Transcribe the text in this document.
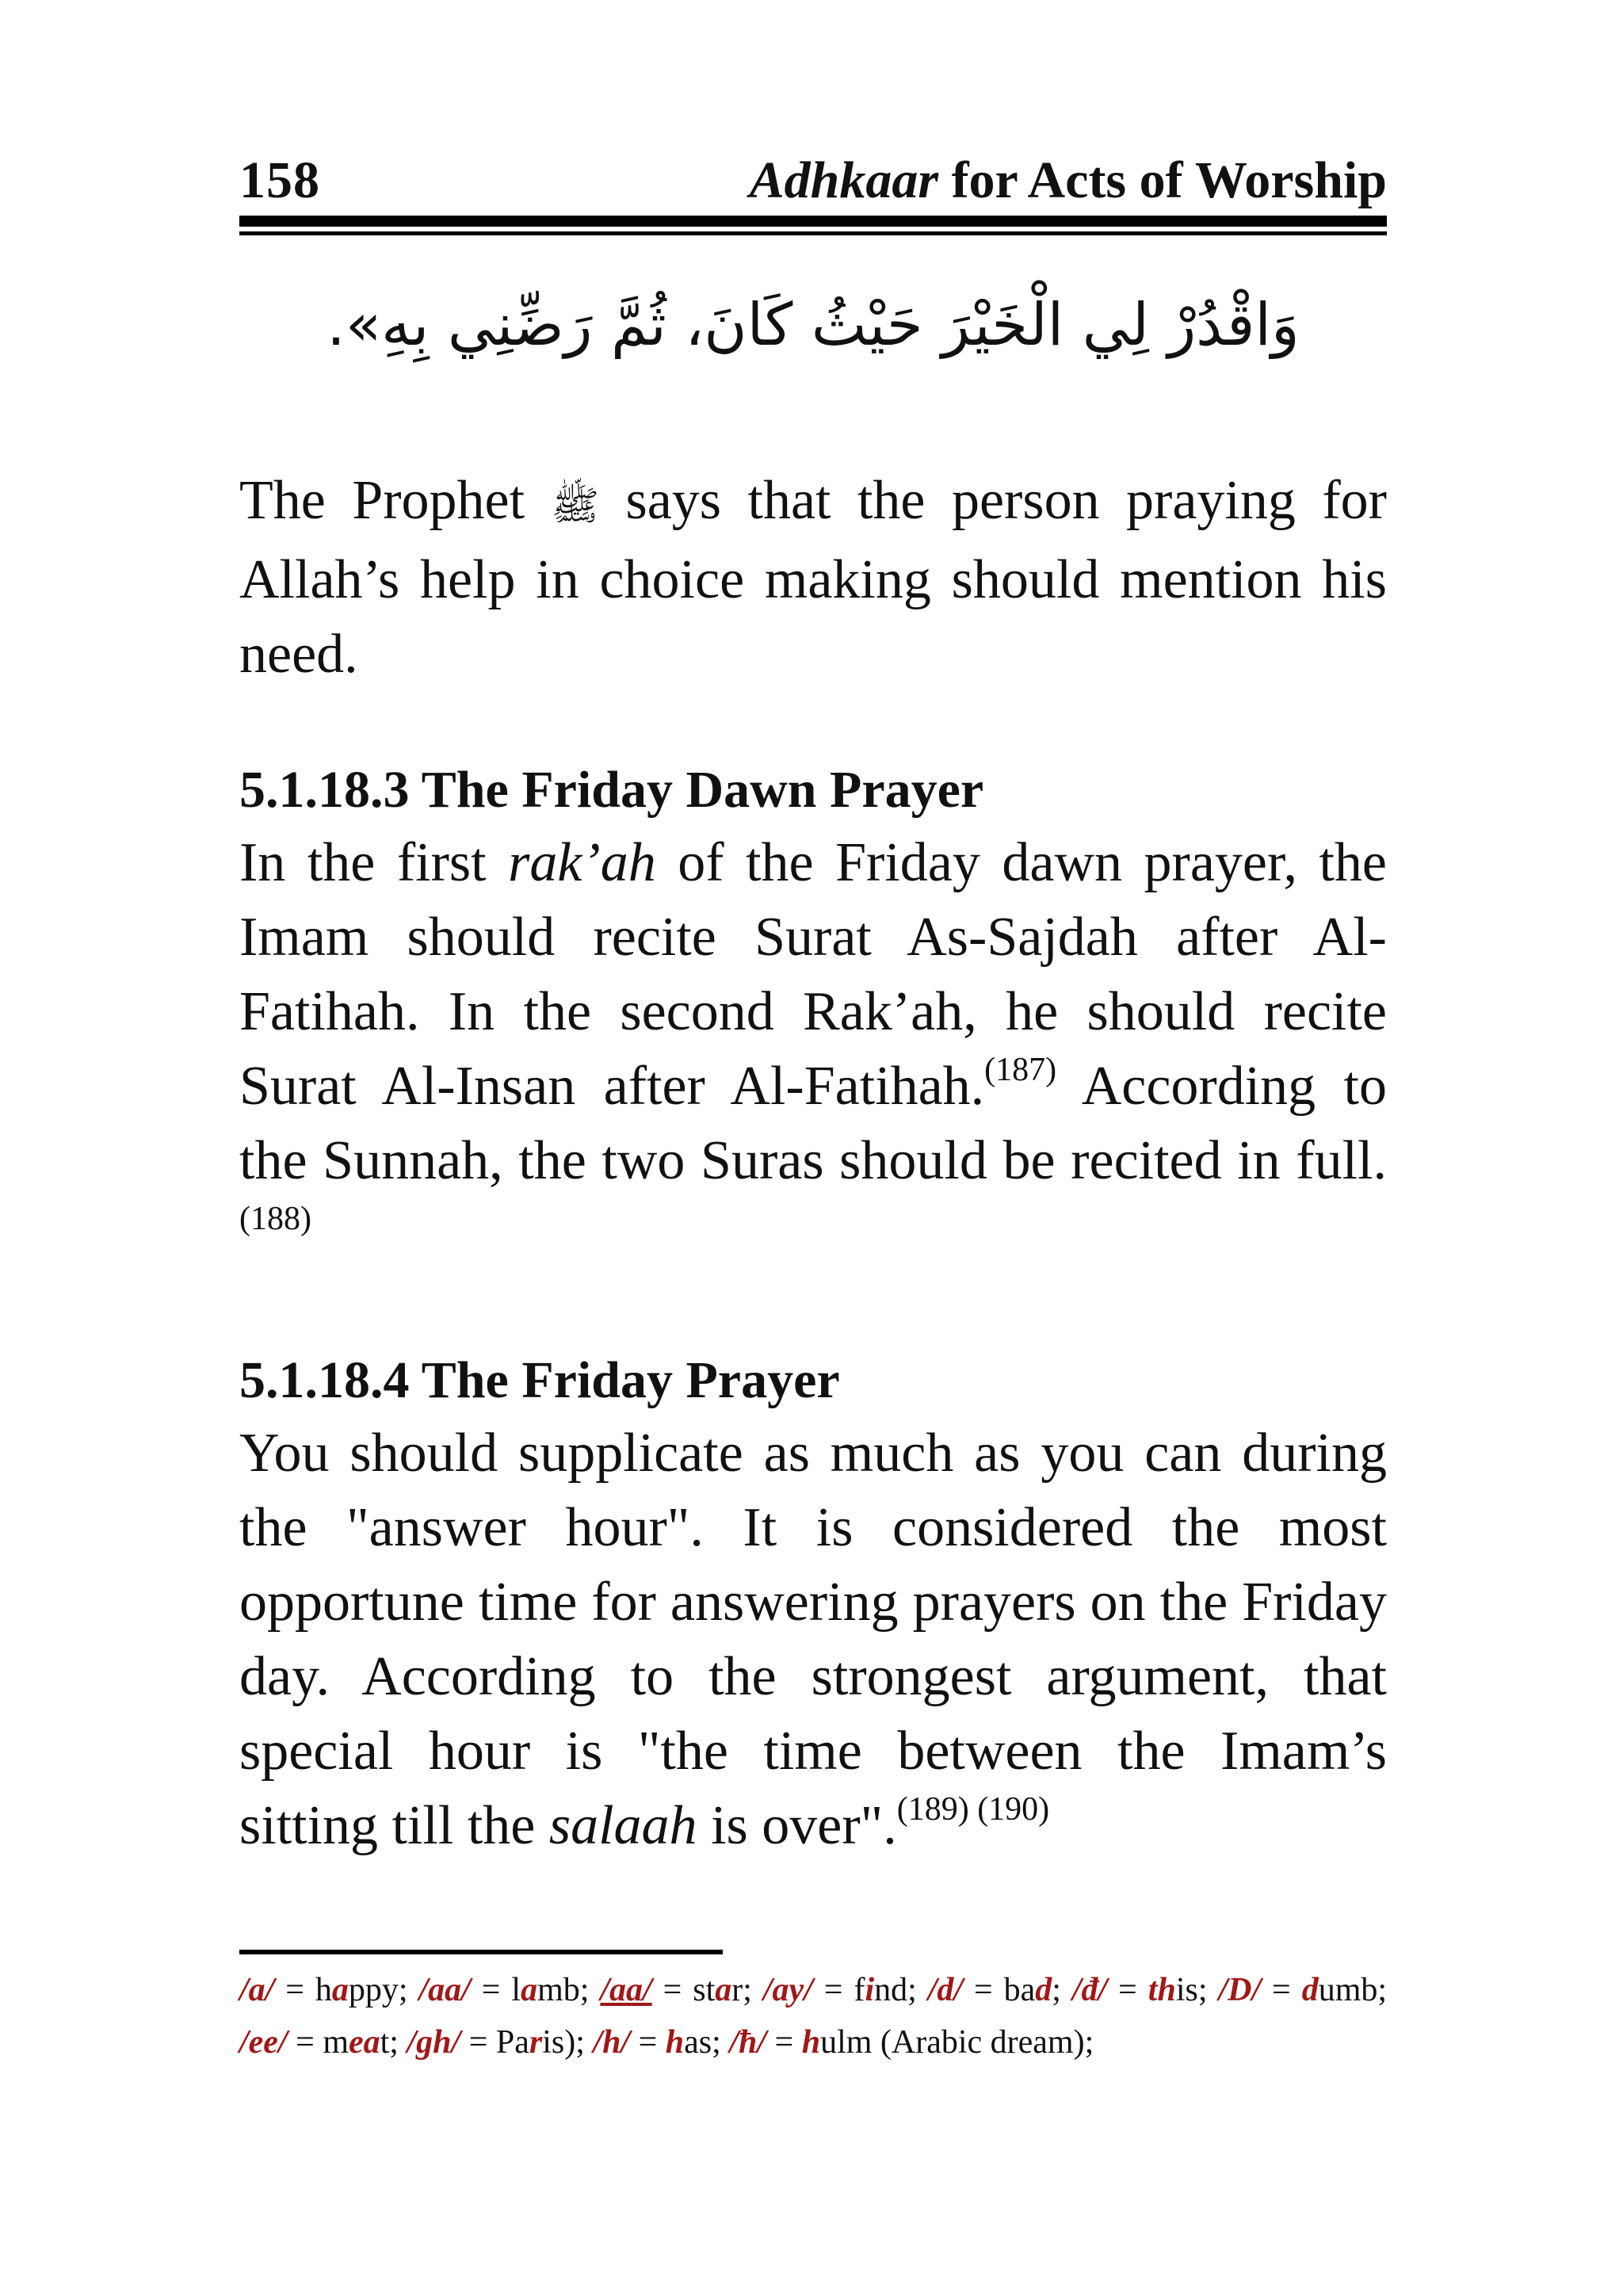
158	Adhkaar for Acts of Worship
وَاقْدُرْ لِي الْخَيْرَ حَيْثُ كَانَ، ثُمَّ رَضِّنِي بِهِ».

The Prophet ﷺ says that the person praying for Allah’s help in choice making should mention his need.

5.1.18.3 The Friday Dawn Prayer

In the first rak’ah of the Friday dawn prayer, the Imam should recite Surat As-Sajdah after Al-Fatihah. In the second Rak’ah, he should recite Surat Al-Insan after Al-Fatihah.$^{(187)}$ According to the Sunnah, the two Suras should be recited in full.$^{(188)}$

5.1.18.4 The Friday Prayer

You should supplicate as much as you can during the "answer hour". It is considered the most opportune time for answering prayers on the Friday day. According to the strongest argument, that special hour is "the time between the Imam’s sitting till the salaah is over".$^{(189) (190)}$

/a/ = happy; /aa/ = lamb; /aa/ = star; /ay/ = find; /d/ = bad; /đ/ = this; /D/ = dumb; /ee/ = meat; /gh/ = Paris); /h/ = has; /ħ/ = hulm (Arabic dream);
